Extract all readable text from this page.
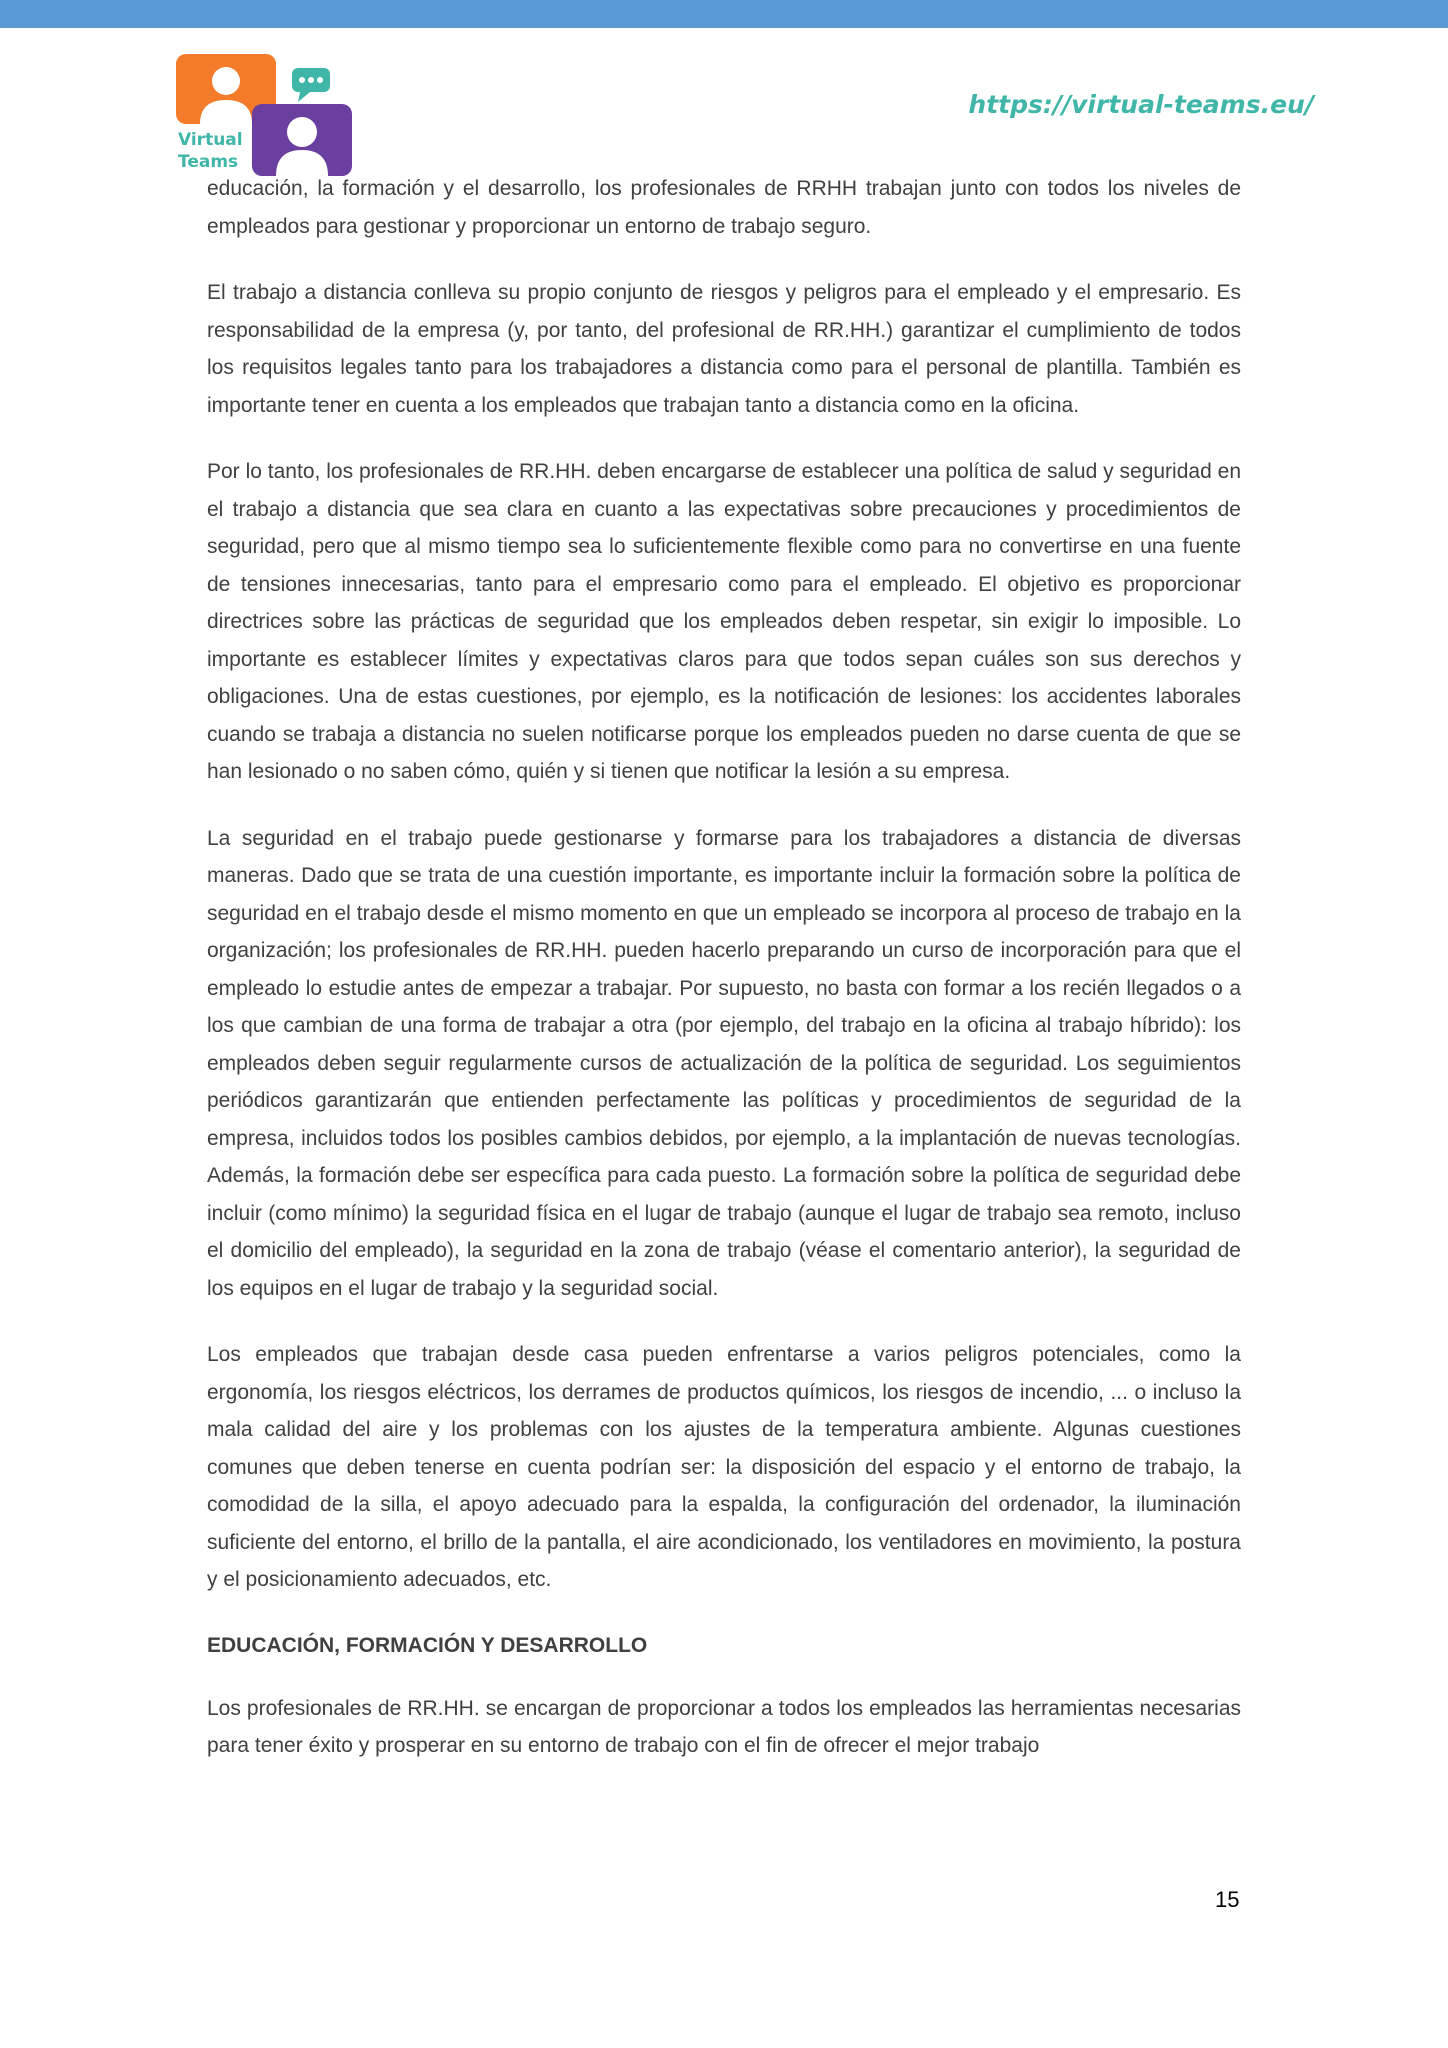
Virtual
Teams
https://virtual-teams.eu/

educación, la formación y el desarrollo, los profesionales de RRHH trabajan junto con todos los niveles de empleados para gestionar y proporcionar un entorno de trabajo seguro.

El trabajo a distancia conlleva su propio conjunto de riesgos y peligros para el empleado y el empresario. Es responsabilidad de la empresa (y, por tanto, del profesional de RR.HH.) garantizar el cumplimiento de todos los requisitos legales tanto para los trabajadores a distancia como para el personal de plantilla. También es importante tener en cuenta a los empleados que trabajan tanto a distancia como en la oficina.

Por lo tanto, los profesionales de RR.HH. deben encargarse de establecer una política de salud y seguridad en el trabajo a distancia que sea clara en cuanto a las expectativas sobre precauciones y procedimientos de seguridad, pero que al mismo tiempo sea lo suficientemente flexible como para no convertirse en una fuente de tensiones innecesarias, tanto para el empresario como para el empleado. El objetivo es proporcionar directrices sobre las prácticas de seguridad que los empleados deben respetar, sin exigir lo imposible. Lo importante es establecer límites y expectativas claros para que todos sepan cuáles son sus derechos y obligaciones. Una de estas cuestiones, por ejemplo, es la notificación de lesiones: los accidentes laborales cuando se trabaja a distancia no suelen notificarse porque los empleados pueden no darse cuenta de que se han lesionado o no saben cómo, quién y si tienen que notificar la lesión a su empresa.

La seguridad en el trabajo puede gestionarse y formarse para los trabajadores a distancia de diversas maneras. Dado que se trata de una cuestión importante, es importante incluir la formación sobre la política de seguridad en el trabajo desde el mismo momento en que un empleado se incorpora al proceso de trabajo en la organización; los profesionales de RR.HH. pueden hacerlo preparando un curso de incorporación para que el empleado lo estudie antes de empezar a trabajar. Por supuesto, no basta con formar a los recién llegados o a los que cambian de una forma de trabajar a otra (por ejemplo, del trabajo en la oficina al trabajo híbrido): los empleados deben seguir regularmente cursos de actualización de la política de seguridad. Los seguimientos periódicos garantizarán que entienden perfectamente las políticas y procedimientos de seguridad de la empresa, incluidos todos los posibles cambios debidos, por ejemplo, a la implantación de nuevas tecnologías. Además, la formación debe ser específica para cada puesto. La formación sobre la política de seguridad debe incluir (como mínimo) la seguridad física en el lugar de trabajo (aunque el lugar de trabajo sea remoto, incluso el domicilio del empleado), la seguridad en la zona de trabajo (véase el comentario anterior), la seguridad de los equipos en el lugar de trabajo y la seguridad social.

Los empleados que trabajan desde casa pueden enfrentarse a varios peligros potenciales, como la ergonomía, los riesgos eléctricos, los derrames de productos químicos, los riesgos de incendio, ... o incluso la mala calidad del aire y los problemas con los ajustes de la temperatura ambiente. Algunas cuestiones comunes que deben tenerse en cuenta podrían ser: la disposición del espacio y el entorno de trabajo, la comodidad de la silla, el apoyo adecuado para la espalda, la configuración del ordenador, la iluminación suficiente del entorno, el brillo de la pantalla, el aire acondicionado, los ventiladores en movimiento, la postura y el posicionamiento adecuados, etc.

EDUCACIÓN, FORMACIÓN Y DESARROLLO

Los profesionales de RR.HH. se encargan de proporcionar a todos los empleados las herramientas necesarias para tener éxito y prosperar en su entorno de trabajo con el fin de ofrecer el mejor trabajo

15
